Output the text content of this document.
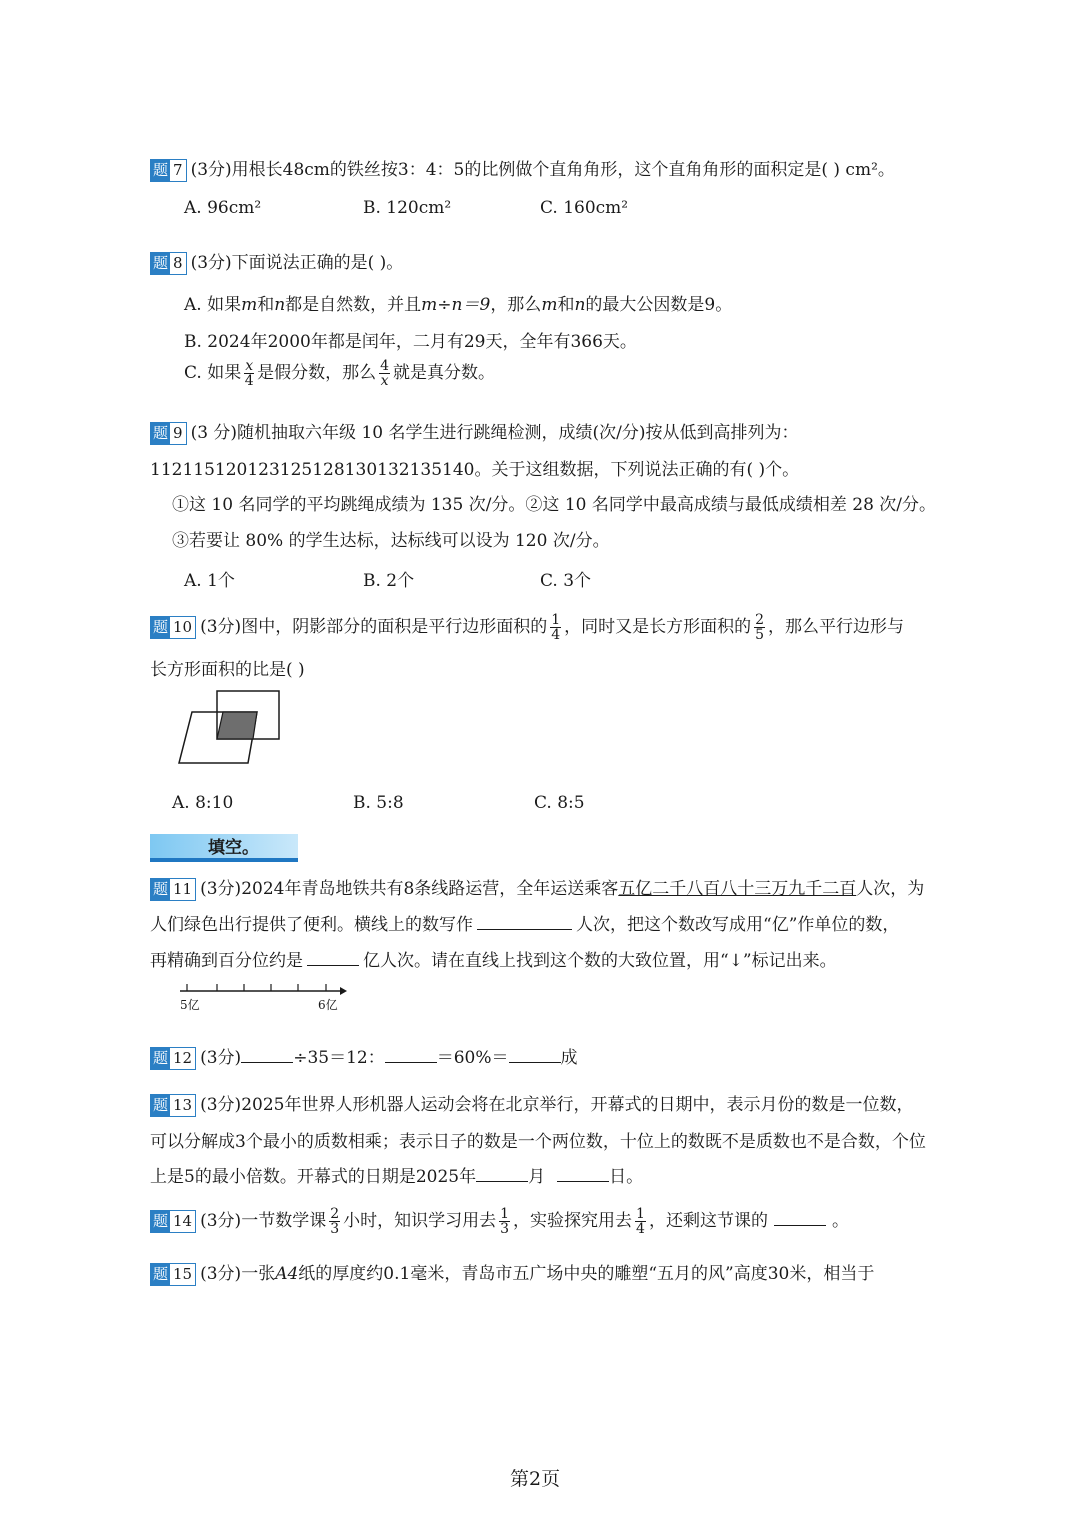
题 7 (3分)用根长48cm的铁丝按3：4：5的比例做个直角角形，这个直角角形的面积定是( ) cm²。
A. 96cm²	B. 120cm²	C. 160cm²
题 8 (3分)下面说法正确的是( )。
A. 如果m和n都是自然数，并且m÷n＝9，那么m和n的最大公因数是9。
B. 2024年2000年都是闰年，二月有29天，全年有366天。
C. 如果 $\frac{x}{4}$ 是假分数，那么 $\frac{4}{x}$ 就是真分数。
题 9 (3 分)随机抽取六年级 10 名学生进行跳绳检测，成绩(次/分)按从低到高排列为：
112115120123125128130132135140。关于这组数据，下列说法正确的有( )个。
①这 10 名同学的平均跳绳成绩为 135 次/分。②这 10 名同学中最高成绩与最低成绩相差 28 次/分。
③若要让 80% 的学生达标，达标线可以设为 120 次/分。
A. 1个	B. 2个	C. 3个
题 10 (3分)图中，阴影部分的面积是平行边形面积的 $\frac{1}{4}$ ，同时又是长方形面积的 $\frac{2}{5}$ ，那么平行边形与
长方形面积的比是( )
A. 8:10	B. 5:8	C. 8:5
填空。
题 11 (3分)2024年青岛地铁共有8条线路运营，全年运送乘客五亿二千八百八十三万九千二百人次，为
人们绿色出行提供了便利。横线上的数写作	人次，把这个数改写成用“亿”作单位的数，
再精确到百分位约是	亿人次。请在直线上找到这个数的大致位置，用“↓”标记出来。
5亿	6亿
题 12 (3分)	÷35＝12：	＝60%＝	成
题 13 (3分)2025年世界人形机器人运动会将在北京举行，开幕式的日期中，表示月份的数是一位数，
可以分解成3个最小的质数相乘；表示日子的数是一个两位数，十位上的数既不是质数也不是合数，个位
上是5的最小倍数。开幕式的日期是2025年	月	日。
题 14 (3分)一节数学课 $\frac{2}{3}$ 小时，知识学习用去 $\frac{1}{3}$ ，实验探究用去 $\frac{1}{4}$ ，还剩这节课的	。
题 15 (3分)一张A4纸的厚度约0.1毫米，青岛市五广场中央的雕塑“五月的风”高度30米，相当于
第2页
